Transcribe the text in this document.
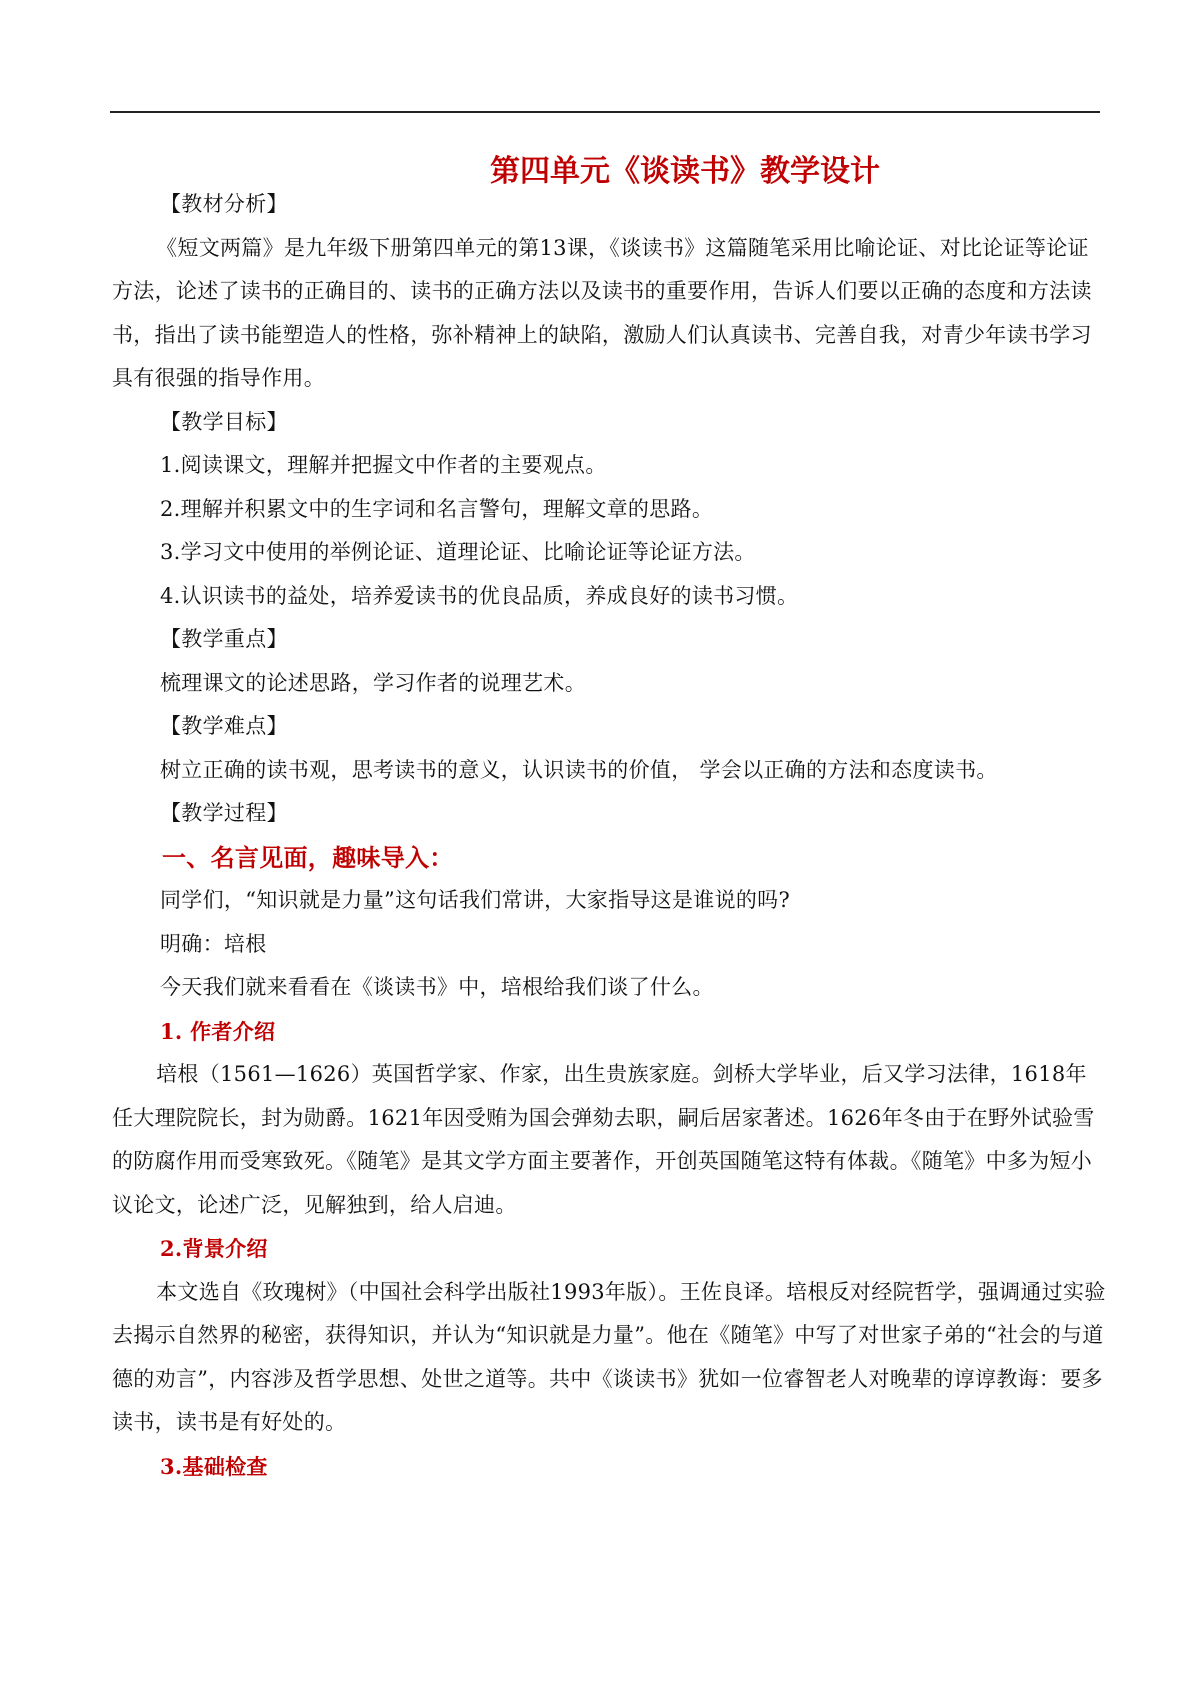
第四单元《谈读书》教学设计

【教材分析】

《短文两篇》是九年级下册第四单元的第13课，《谈读书》这篇随笔采用比喻论证、对比论证等论证方法，论述了读书的正确目的、读书的正确方法以及读书的重要作用，告诉人们要以正确的态度和方法读书，指出了读书能塑造人的性格，弥补精神上的缺陷，激励人们认真读书、完善自我，对青少年读书学习具有很强的指导作用。

【教学目标】

1.阅读课文，理解并把握文中作者的主要观点。

2.理解并积累文中的生字词和名言警句，理解文章的思路。

3.学习文中使用的举例论证、道理论证、比喻论证等论证方法。

4.认识读书的益处，培养爱读书的优良品质，养成良好的读书习惯。

【教学重点】

梳理课文的论述思路，学习作者的说理艺术。

【教学难点】

树立正确的读书观，思考读书的意义，认识读书的价值， 学会以正确的方法和态度读书。

【教学过程】

一、名言见面，趣味导入：

同学们，“知识就是力量”这句话我们常讲，大家指导这是谁说的吗?

明确：培根

今天我们就来看看在《谈读书》中，培根给我们谈了什么。

1. 作者介绍

培根（1561—1626）英国哲学家、作家，出生贵族家庭。剑桥大学毕业，后又学习法律，1618年任大理院院长，封为勋爵。1621年因受贿为国会弹劾去职，嗣后居家著述。1626年冬由于在野外试验雪的防腐作用而受寒致死。《随笔》是其文学方面主要著作，开创英国随笔这特有体裁。《随笔》中多为短小议论文，论述广泛，见解独到，给人启迪。

2.背景介绍

本文选自《玫瑰树》（中国社会科学出版社1993年版）。王佐良译。培根反对经院哲学，强调通过实验去揭示自然界的秘密，获得知识，并认为“知识就是力量”。他在《随笔》中写了对世家子弟的“社会的与道德的劝言”，内容涉及哲学思想、处世之道等。共中《谈读书》犹如一位睿智老人对晚辈的谆谆教诲：要多读书，读书是有好处的。

3.基础检查
